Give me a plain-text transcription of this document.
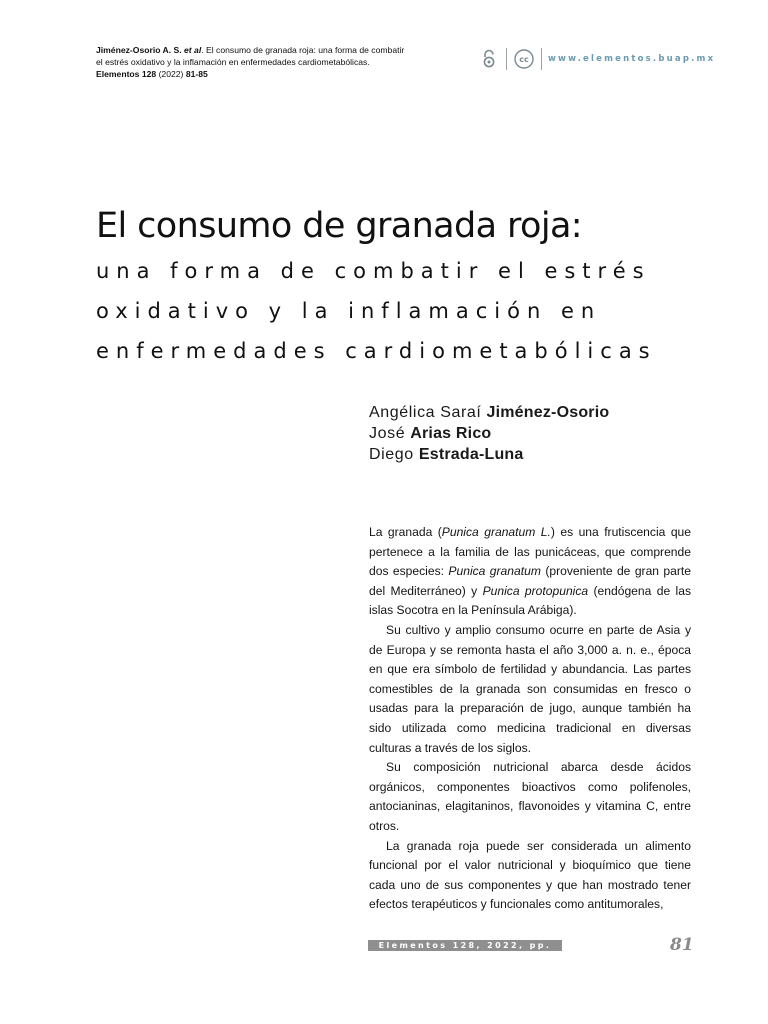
Jiménez-Osorio A. S. et al. El consumo de granada roja: una forma de combatir el estrés oxidativo y la inflamación en enfermedades cardiometabólicas. Elementos 128 (2022) 81-85
cc www.elementos.buap.mx
El consumo de granada roja:
una forma de combatir el estrés
oxidativo y la inflamación en
enfermedades cardiometabólicas
Angélica Saraí Jiménez-Osorio
José Arias Rico
Diego Estrada-Luna

La granada (Punica granatum L.) es una frutiscencia que pertenece a la familia de las punicáceas, que comprende dos especies: Punica granatum (proveniente de gran parte del Mediterráneo) y Punica protopunica (endógena de las islas Socotra en la Península Arábiga).

Su cultivo y amplio consumo ocurre en parte de Asia y de Europa y se remonta hasta el año 3,000 a. n. e., época en que era símbolo de fertilidad y abundancia. Las partes comestibles de la granada son consumidas en fresco o usadas para la preparación de jugo, aunque también ha sido utilizada como medicina tradicional en diversas culturas a través de los siglos.

Su composición nutricional abarca desde ácidos orgánicos, componentes bioactivos como polifenoles, antocianinas, elagitaninos, flavonoides y vitamina C, entre otros.

La granada roja puede ser considerada un alimento funcional por el valor nutricional y bioquímico que tiene cada uno de sus componentes y que han mostrado tener efectos terapéuticos y funcionales como antitumorales,

Elementos 128, 2022, pp. 81-85
81
